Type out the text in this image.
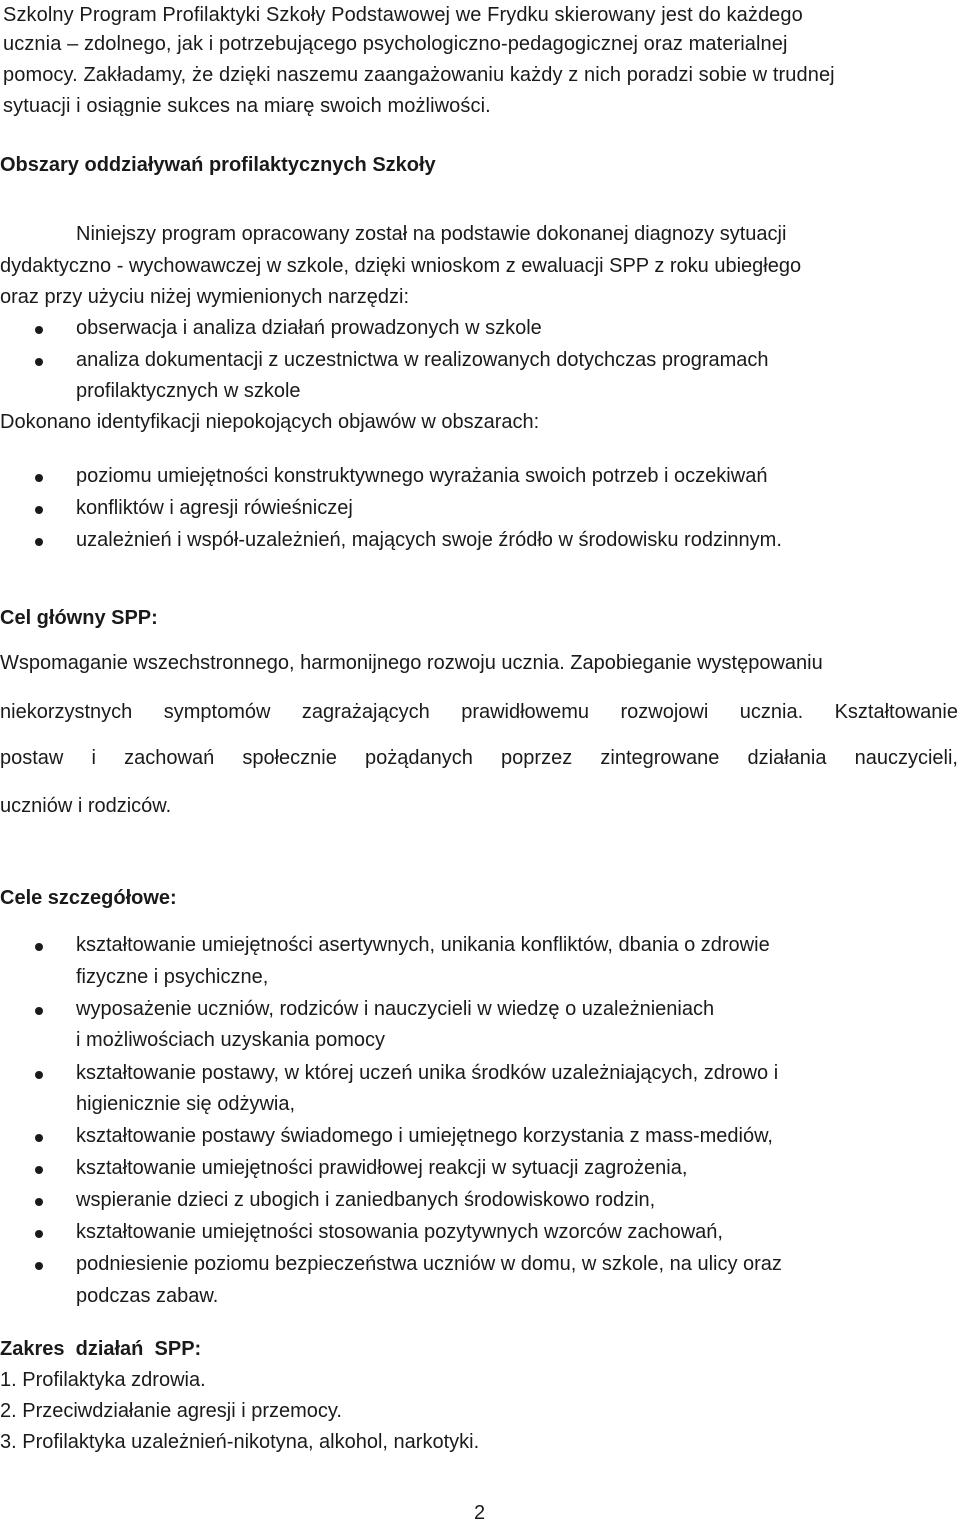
Szkolny Program Profilaktyki Szkoły Podstawowej we Frydku skierowany jest do każdego
ucznia – zdolnego, jak i potrzebującego psychologiczno-pedagogicznej oraz materialnej
pomocy. Zakładamy, że dzięki naszemu zaangażowaniu każdy z nich poradzi sobie w trudnej
sytuacji i osiągnie sukces na miarę swoich możliwości.
Obszary oddziaływań profilaktycznych Szkoły
Niniejszy program opracowany został na podstawie dokonanej diagnozy sytuacji
dydaktyczno - wychowawczej w szkole, dzięki wnioskom z ewaluacji SPP z roku ubiegłego
oraz przy użyciu niżej wymienionych narzędzi:
obserwacja i analiza działań prowadzonych w szkole
analiza dokumentacji z uczestnictwa w realizowanych dotychczas programach
profilaktycznych w szkole
Dokonano identyfikacji niepokojących objawów w obszarach:
poziomu umiejętności konstruktywnego wyrażania swoich potrzeb i oczekiwań
konfliktów i agresji rówieśniczej
uzależnień i współ-uzależnień, mających swoje źródło w środowisku rodzinnym.
Cel główny SPP:
Wspomaganie wszechstronnego, harmonijnego rozwoju ucznia. Zapobieganie występowaniu
niekorzystnych symptomów zagrażających prawidłowemu rozwojowi ucznia. Kształtowanie
postaw i zachowań społecznie pożądanych poprzez zintegrowane działania nauczycieli,
uczniów i rodziców.
Cele szczegółowe:
kształtowanie umiejętności asertywnych, unikania konfliktów, dbania o zdrowie
fizyczne i psychiczne,
wyposażenie uczniów, rodziców i nauczycieli w wiedzę o uzależnieniach
i możliwościach uzyskania pomocy
kształtowanie postawy, w której uczeń unika środków uzależniających, zdrowo i
higienicznie się odżywia,
kształtowanie postawy świadomego i umiejętnego korzystania z mass-mediów,
kształtowanie umiejętności prawidłowej reakcji w sytuacji zagrożenia,
wspieranie dzieci z ubogich i zaniedbanych środowiskowo rodzin,
kształtowanie umiejętności stosowania pozytywnych wzorców zachowań,
podniesienie poziomu bezpieczeństwa uczniów w domu, w szkole, na ulicy oraz
podczas zabaw.
Zakres  działań  SPP:
1. Profilaktyka zdrowia.
2. Przeciwdziałanie agresji i przemocy.
3. Profilaktyka uzależnień-nikotyna, alkohol, narkotyki.
2
